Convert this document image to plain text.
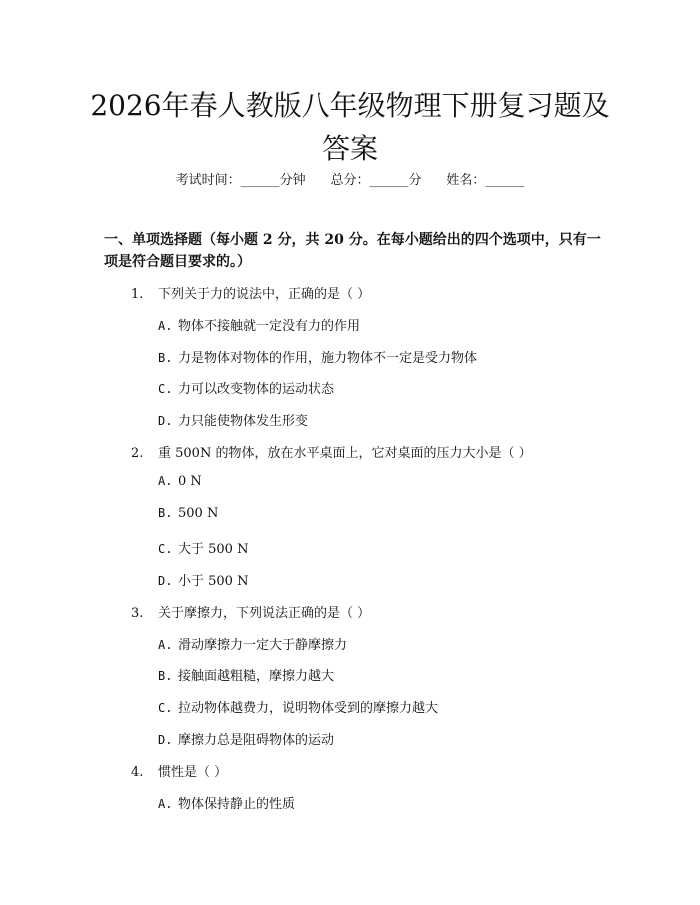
2026年春人教版八年级物理下册复习题及答案
考试时间：______分钟 总分：______分 姓名：______
一、单项选择题（每小题 2 分，共 20 分。在每小题给出的四个选项中，只有一项是符合题目要求的。）
1. 下列关于力的说法中，正确的是（ ）
A. 物体不接触就一定没有力的作用
B. 力是物体对物体的作用，施力物体不一定是受力物体
C. 力可以改变物体的运动状态
D. 力只能使物体发生形变
2. 重 500N 的物体，放在水平桌面上，它对桌面的压力大小是（ ）
A. 0 N
B. 500 N
C. 大于 500 N
D. 小于 500 N
3. 关于摩擦力，下列说法正确的是（ ）
A. 滑动摩擦力一定大于静摩擦力
B. 接触面越粗糙，摩擦力越大
C. 拉动物体越费力，说明物体受到的摩擦力越大
D. 摩擦力总是阻碍物体的运动
4. 惯性是（ ）
A. 物体保持静止的性质
